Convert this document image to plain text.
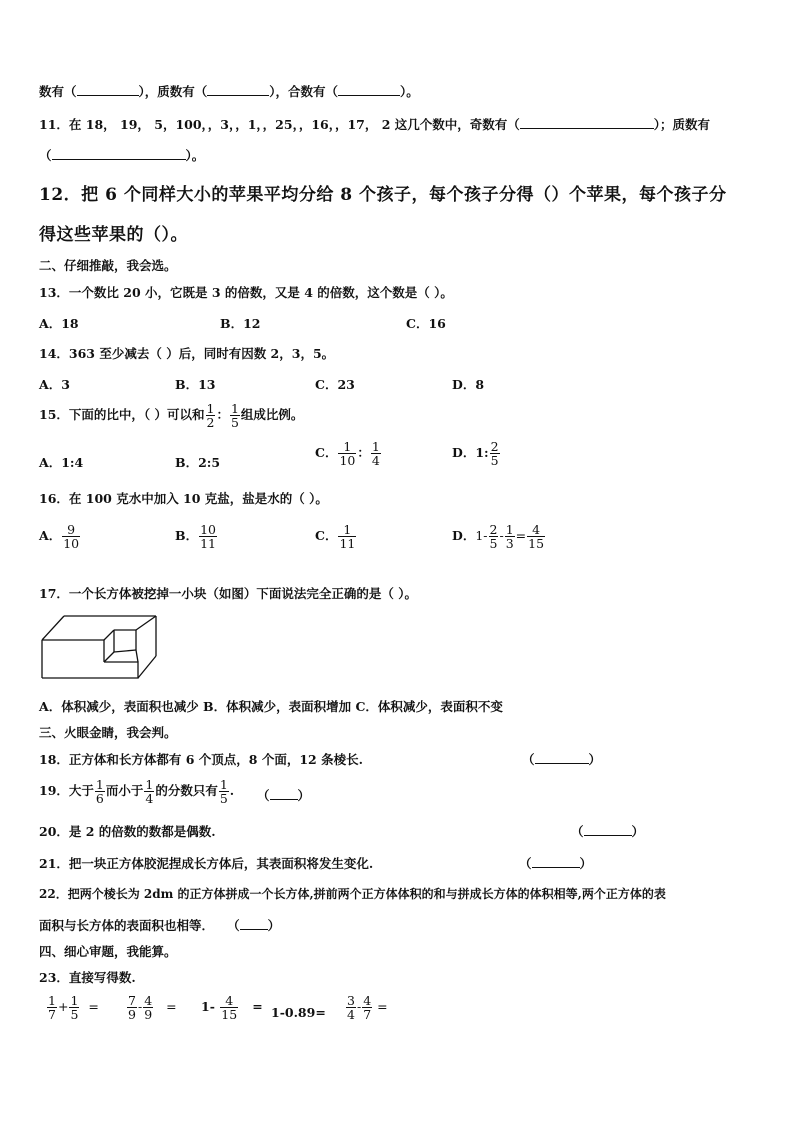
数有（	），质数有（	），合数有（	）。
11．在 18， 19， 5，100，，3，，1，，25，，16，，17， 2 这几个数中，奇数有（	）；质数有
（	）。
12．把 6 个同样大小的苹果平均分给 8 个孩子，每个孩子分得（）个苹果，每个孩子分
得这些苹果的（）。
二、仔细推敲，我会选。
13．一个数比 20 小，它既是 3 的倍数，又是 4 的倍数，这个数是（ ）。
A．18	B．12	C．16
14．363 至少减去（ ）后，同时有因数 2，3，5。
A．3	B．13	C．23	D．8
15．下面的比中，（ ）可以和 $\frac{1}{2}$ ： $\frac{1}{5}$ 组成比例。
A．1:4	B．2:5
C． $\frac{1}{10}$ ： $\frac{1}{4}$	D．1: $\frac{2}{5}$
16．在 100 克水中加入 10 克盐，盐是水的（ ）。
A． $\frac{9}{10}$	B． $\frac{10}{11}$	C． $\frac{1}{11}$	D．$1- \frac{2}{5} - \frac{1}{3} = \frac{4}{15}$
17．一个长方体被挖掉一小块（如图）下面说法完全正确的是（ ）。
A．体积减少，表面积也减少 B．体积减少，表面积增加 C．体积减少，表面积不变
三、火眼金睛，我会判。
18．正方体和长方体都有 6 个顶点，8 个面，12 条棱长.	（	）
19．大于 $\frac{1}{6}$ 而小于 $\frac{1}{4}$ 的分数只有 $\frac{1}{5}$ . （ ）
20．是 2 的倍数的数都是偶数.	（	）
21．把一块正方体胶泥捏成长方体后，其表面积将发生变化.	（	）
22．把两个棱长为 2dm 的正方体拼成一个长方体,拼前两个正方体体积的和与拼成长方体的体积相等,两个正方体的表
面积与长方体的表面积也相等． （ ）
四、细心审题，我能算。
23．直接写得数.
$\frac{1}{7} + \frac{1}{5} = \frac{7}{9} - \frac{4}{9} = 1- \frac{4}{15} = 1-0.89= \frac{3}{4} - \frac{4}{7}$ =
